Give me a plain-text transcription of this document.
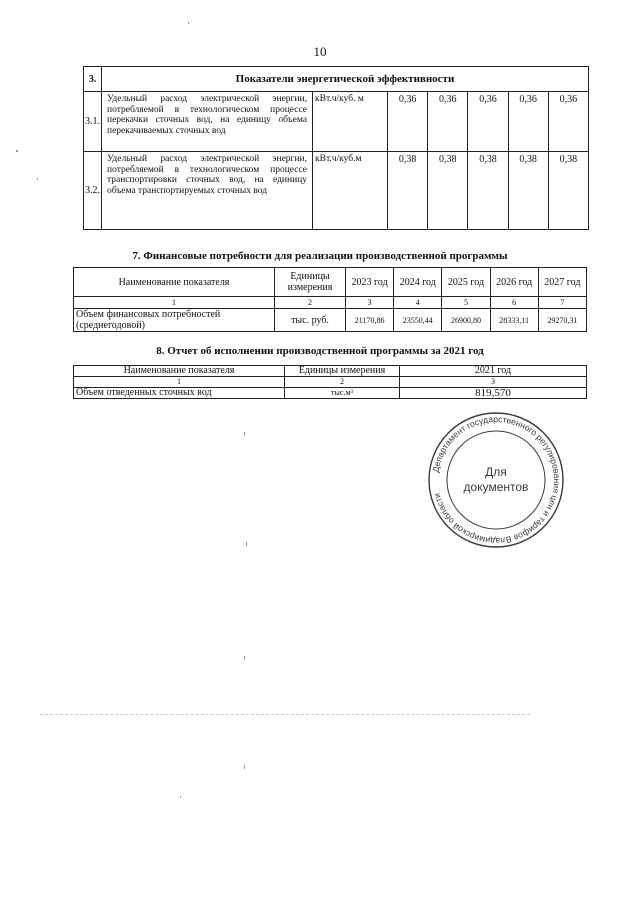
10
3.	Показатели энергетической эффективности						
3.1.	Удельный расход электрической энергии, потребляемой в технологическом процессе перекачки сточных вод, на единицу объема перекачиваемых сточных вод	кВт.ч/куб. м	0,36	0,36	0,36	0,36	0,36
3.2.	Удельный расход электрической энергии, потребляемой в технологическом процессе транспортировки сточных вод, на единицу объема транспортируемых сточных вод	кВт.ч/куб.м	0,38	0,38	0,38	0,38	0,38
7. Финансовые потребности для реализации производственной программы
Наименование показателя	Единицы измерения	2023 год	2024 год	2025 год	2026 год	2027 год
1	2	3	4	5	6	7
Объем финансовых потребностей (среднегодовой)	тыс. руб.	21170,86	23550,44	26900,80	28333,11	29270,31
8. Отчет об исполнении производственной программы за 2021 год
Наименование показателя	Единицы измерения	2021 год
1	2	3
Объем отведенных сточных вод	тыс.м³	819,570
Департамент государственного регулирования цен и тарифов Владимирской области
Для
документов
